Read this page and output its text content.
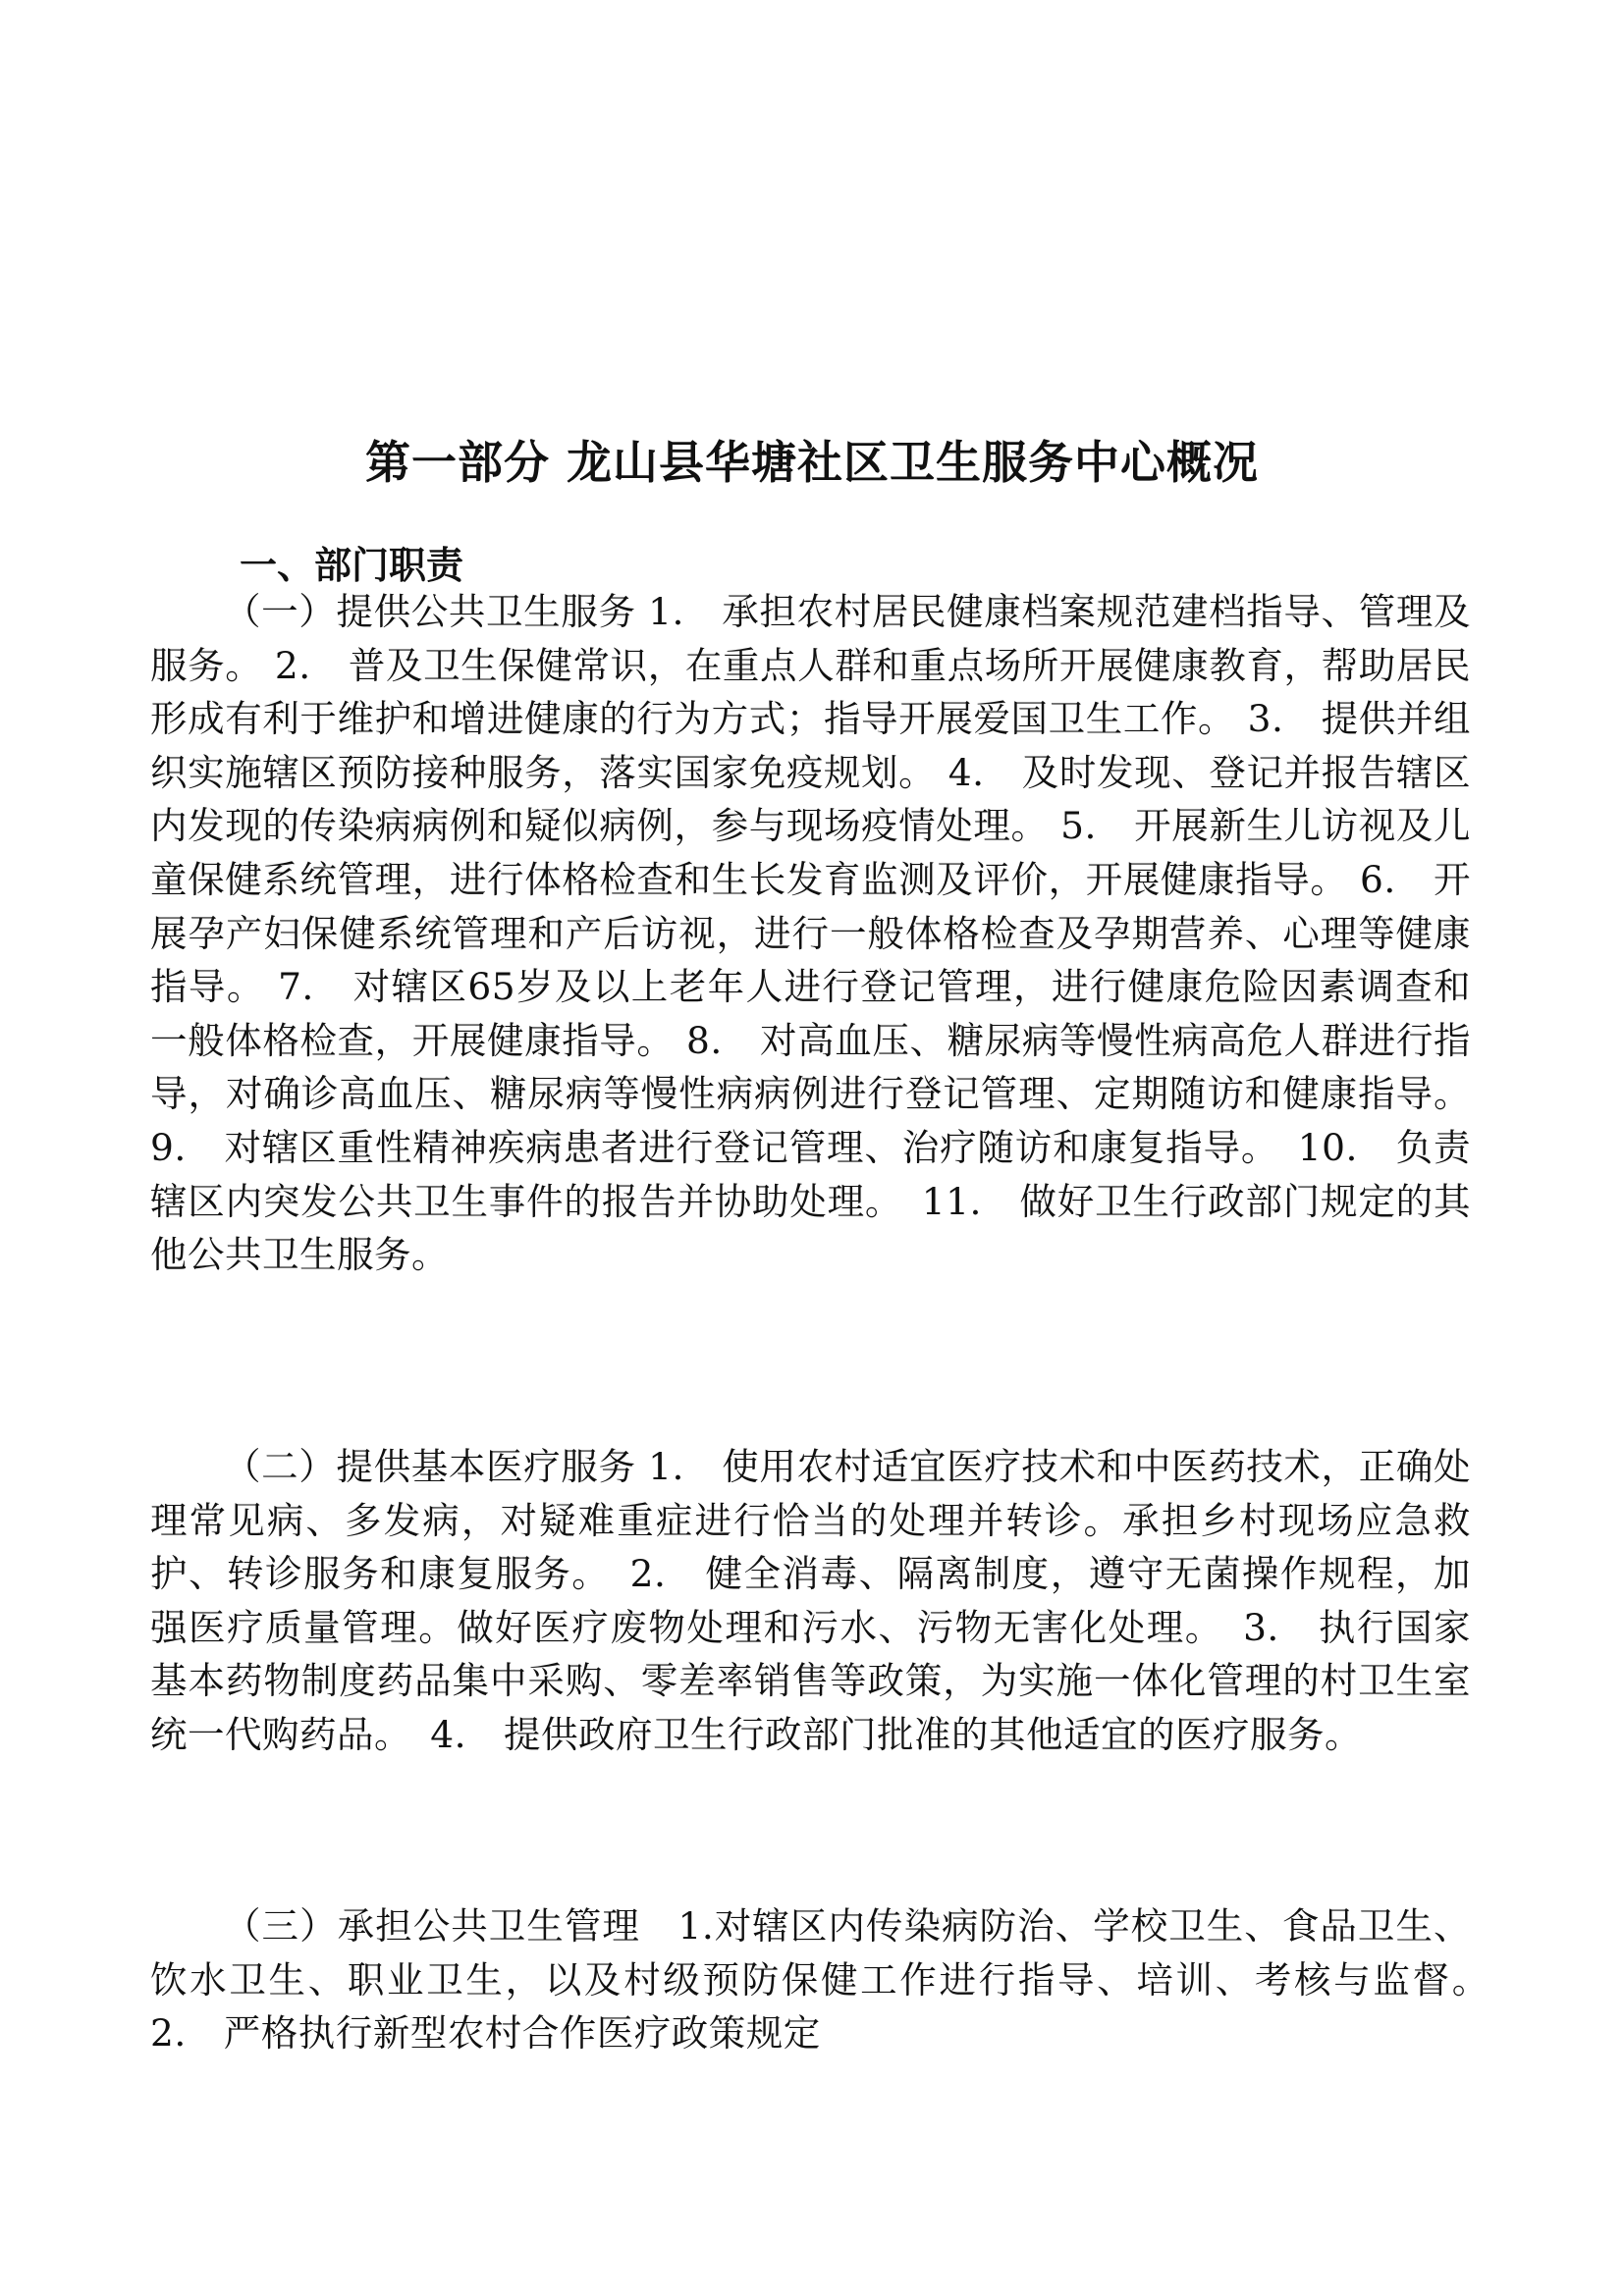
第一部分 龙山县华塘社区卫生服务中心概况
一、部门职责

（一）提供公共卫生服务 1.　承担农村居民健康档案规范建档指导、管理及服务。 2.　普及卫生保健常识，在重点人群和重点场所开展健康教育，帮助居民形成有利于维护和增进健康的行为方式；指导开展爱国卫生工作。 3.　提供并组织实施辖区预防接种服务，落实国家免疫规划。 4.　及时发现、登记并报告辖区内发现的传染病病例和疑似病例，参与现场疫情处理。 5.　开展新生儿访视及儿童保健系统管理，进行体格检查和生长发育监测及评价，开展健康指导。 6.　开展孕产妇保健系统管理和产后访视，进行一般体格检查及孕期营养、心理等健康指导。 7.　对辖区65岁及以上老年人进行登记管理，进行健康危险因素调查和一般体格检查，开展健康指导。 8.　对高血压、糖尿病等慢性病高危人群进行指导，对确诊高血压、糖尿病等慢性病病例进行登记管理、定期随访和健康指导。 9.　对辖区重性精神疾病患者进行登记管理、治疗随访和康复指导。　10.　负责辖区内突发公共卫生事件的报告并协助处理。　11.　做好卫生行政部门规定的其他公共卫生服务。

（二）提供基本医疗服务 1.　使用农村适宜医疗技术和中医药技术，正确处理常见病、多发病，对疑难重症进行恰当的处理并转诊。承担乡村现场应急救护、转诊服务和康复服务。　2.　健全消毒、隔离制度，遵守无菌操作规程，加强医疗质量管理。做好医疗废物处理和污水、污物无害化处理。　3.　执行国家基本药物制度药品集中采购、零差率销售等政策，为实施一体化管理的村卫生室统一代购药品。　4.　提供政府卫生行政部门批准的其他适宜的医疗服务。

（三）承担公共卫生管理　1.对辖区内传染病防治、学校卫生、食品卫生、饮水卫生、职业卫生，以及村级预防保健工作进行指导、培训、考核与监督。　2.　严格执行新型农村合作医疗政策规定
